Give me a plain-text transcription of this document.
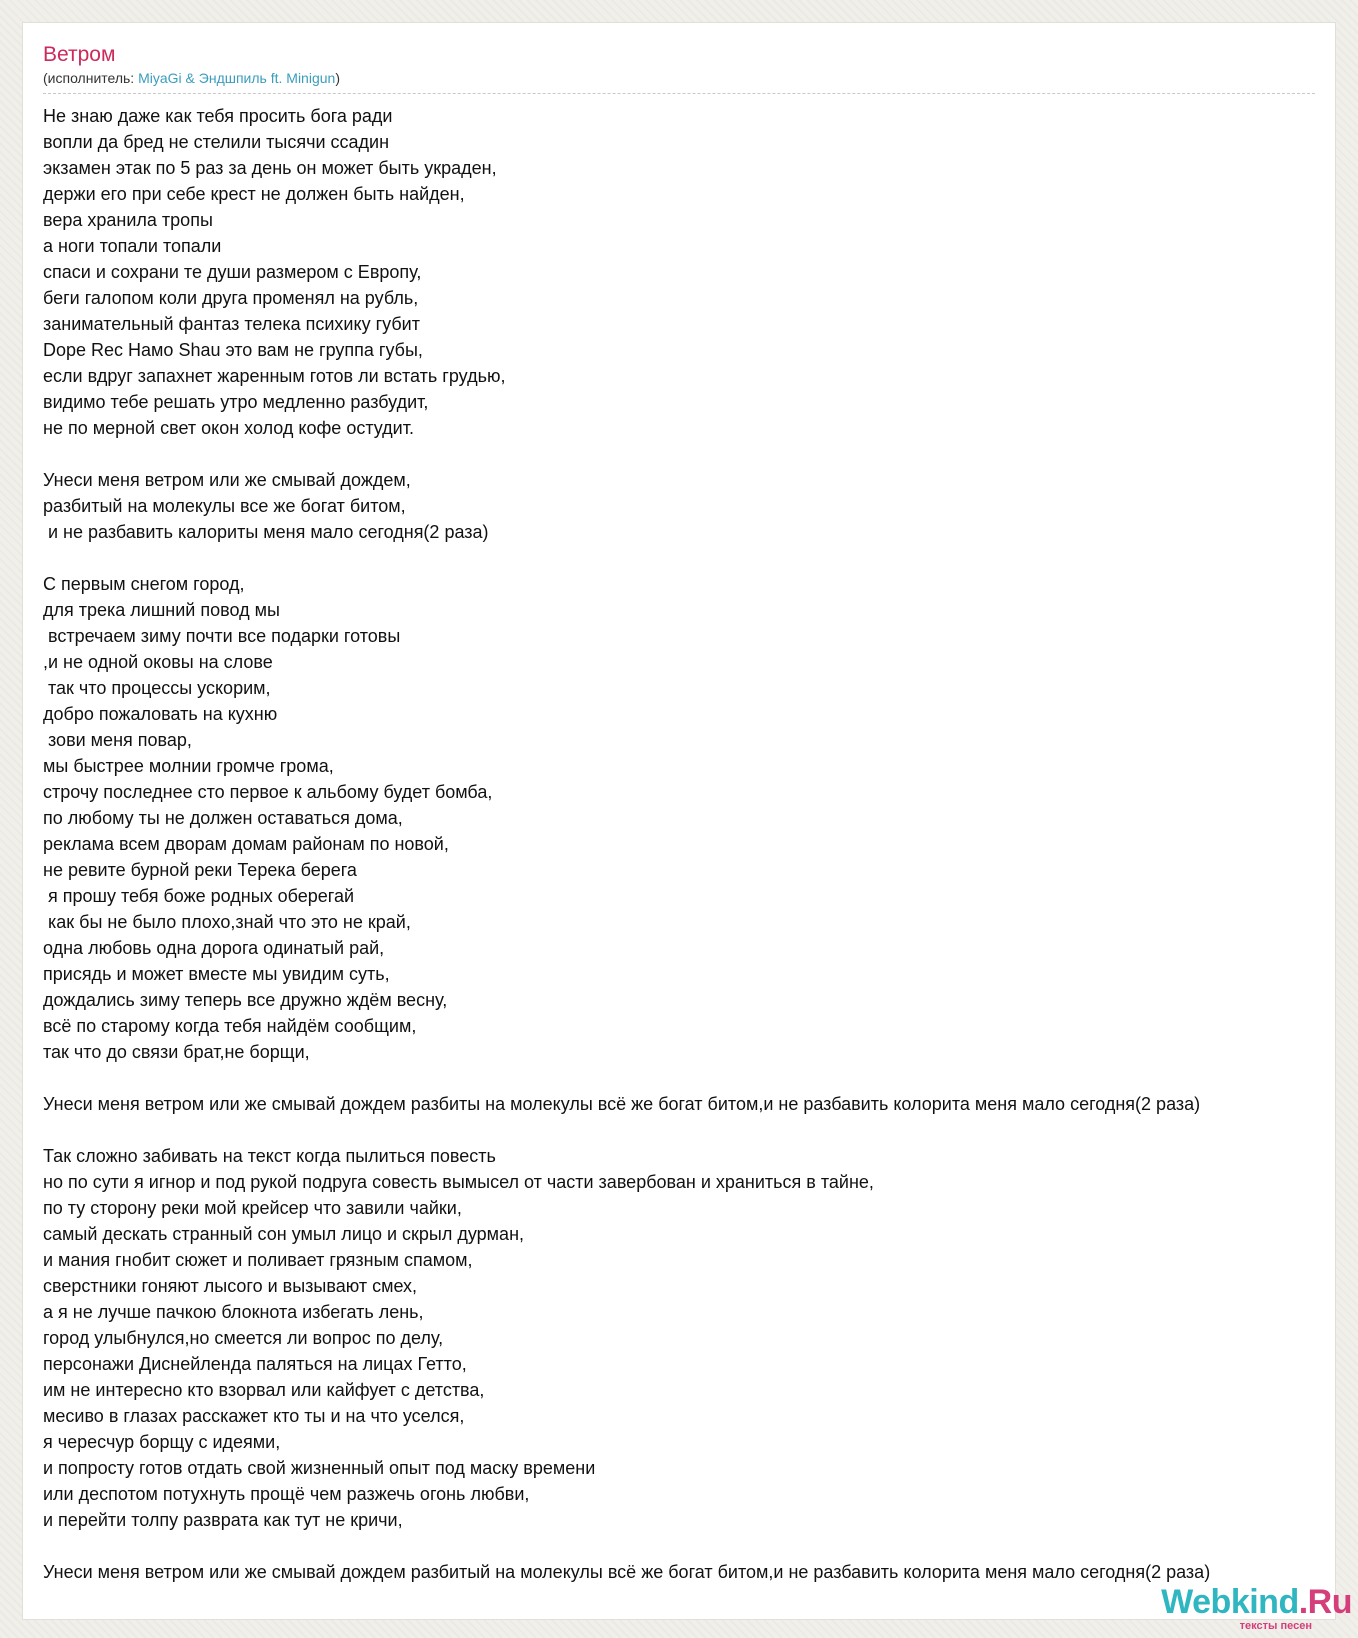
Ветром
(исполнитель: MiyaGi & Эндшпиль ft. Minigun)
Не знаю даже как тебя просить бога ради
вопли да бред не стелили тысячи ссадин
экзамен этак по 5 раз за день он может быть украден,
держи его при себе крест не должен быть найден,
вера хранила тропы
а ноги топали топали
спаси и сохрани те души размером с Европу,
беги галопом коли друга променял на рубль,
занимательный фантаз телека психику губит
Dope Rec Намо Shau это вам не группа губы,
если вдруг запахнет жаренным готов ли встать грудью,
видимо тебе решать утро медленно разбудит,
не по мерной свет окон холод кофе остудит.
Унеси меня ветром или же смывай дождем,
разбитый на молекулы все же богат битом,
и не разбавить калориты меня мало сегодня(2 раза)
С первым снегом город,
для трека лишний повод мы
встречаем зиму почти все подарки готовы
,и не одной оковы на слове
так что процессы ускорим,
добро пожаловать на кухню
зови меня повар,
мы быстрее молнии громче грома,
строчу последнее сто первое к альбому будет бомба,
по любому ты не должен оставаться дома,
реклама всем дворам домам районам по новой,
не ревите бурной реки Терека берега
я прошу тебя боже родных оберегай
как бы не было плохо,знай что это не край,
одна любовь одна дорога одинатый рай,
присядь и может вместе мы увидим суть,
дождались зиму теперь все дружно ждём весну,
всё по старому когда тебя найдём сообщим,
так что до связи брат,не борщи,
Унеси меня ветром или же смывай дождем разбиты на молекулы всё же богат битом,и не разбавить колорита меня мало сегодня(2 раза)
Так сложно забивать на текст когда пылиться повесть
но по сути я игнор и под рукой подруга совесть вымысел от части завербован и храниться в тайне,
по ту сторону реки мой крейсер что завили чайки,
самый дескать странный сон умыл лицо и скрыл дурман,
и мания гнобит сюжет и поливает грязным спамом,
сверстники гоняют лысого и вызывают смех,
а я не лучше пачкою блокнота избегать лень,
город улыбнулся,но смеется ли вопрос по делу,
персонажи Диснейленда паляться на лицах Гетто,
им не интересно кто взорвал или кайфует с детства,
месиво в глазах расскажет кто ты и на что уселся,
я чересчур борщу с идеями,
и попросту готов отдать свой жизненный опыт под маску времени
или деспотом потухнуть прощё чем разжечь огонь любви,
и перейти толпу разврата как тут не кричи,
Унеси меня ветром или же смывай дождем разбитый на молекулы всё же богат битом,и не разбавить колорита меня мало сегодня(2 раза)
Webkind.Ru
тексты песен
